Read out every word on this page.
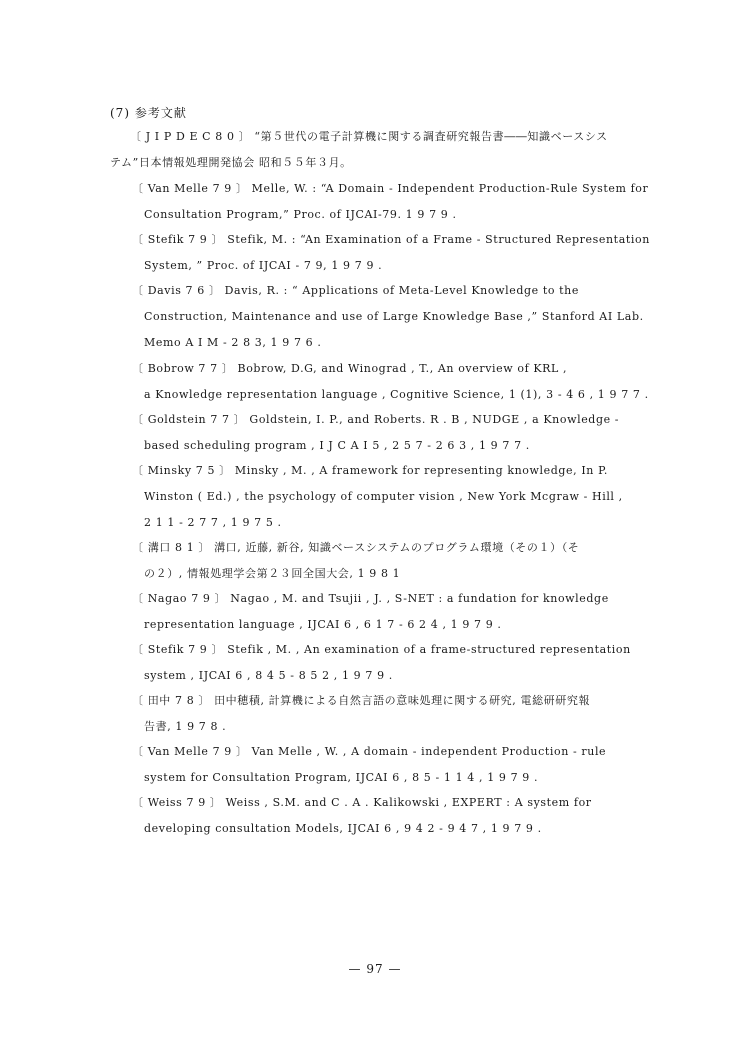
(7) 参考文献
〔 J I P D E C 8 0 〕 “第５世代の電子計算機に関する調査研究報告書――知識ベースシス
テム”日本情報処理開発協会 昭和５５年３月。
〔 Van Melle 7 9 〕 Melle, W. : “A Domain - Independent Production-Rule System for
Consultation Program,” Proc. of IJCAI-79. 1 9 7 9 .
〔 Stefik 7 9 〕 Stefik, M. : “An Examination of a Frame - Structured Representation
System, ” Proc. of IJCAI - 7 9, 1 9 7 9 .
〔 Davis 7 6 〕 Davis, R. : “ Applications of Meta-Level Knowledge to the
Construction, Maintenance and use of Large Knowledge Base ,” Stanford AI Lab.
Memo A I M - 2 8 3, 1 9 7 6 .
〔 Bobrow 7 7 〕 Bobrow, D.G, and Winograd , T., An overview of KRL ,
a Knowledge representation language , Cognitive Science, 1 (1), 3 - 4 6 , 1 9 7 7 .
〔 Goldstein 7 7 〕 Goldstein, I. P., and Roberts. R . B , NUDGE , a Knowledge -
based scheduling program , I J C A I 5 , 2 5 7 - 2 6 3 , 1 9 7 7 .
〔 Minsky 7 5 〕 Minsky , M. , A framework for representing knowledge, In P.
Winston ( Ed.) , the psychology of computer vision , New York Mcgraw - Hill ,
2 1 1 - 2 7 7 , 1 9 7 5 .
〔 溝口 8 1 〕 溝口, 近藤, 新谷, 知識ベースシステムのプログラム環境（その１）（そ
の２）, 情報処理学会第２３回全国大会, 1 9 8 1
〔 Nagao 7 9 〕 Nagao , M. and Tsujii , J. , S-NET : a fundation for knowledge
representation language , IJCAI 6 , 6 1 7 - 6 2 4 , 1 9 7 9 .
〔 Stefik 7 9 〕 Stefik , M. , An examination of a frame-structured representation
system , IJCAI 6 , 8 4 5 - 8 5 2 , 1 9 7 9 .
〔 田中 7 8 〕 田中穂積, 計算機による自然言語の意味処理に関する研究, 電総研研究報
告書, 1 9 7 8 .
〔 Van Melle 7 9 〕 Van Melle , W. , A domain - independent Production - rule
system for Consultation Program, IJCAI 6 , 8 5 - 1 1 4 , 1 9 7 9 .
〔 Weiss 7 9 〕 Weiss , S.M. and C . A . Kalikowski , EXPERT : A system for
developing consultation Models, IJCAI 6 , 9 4 2 - 9 4 7 , 1 9 7 9 .
— 97 —
